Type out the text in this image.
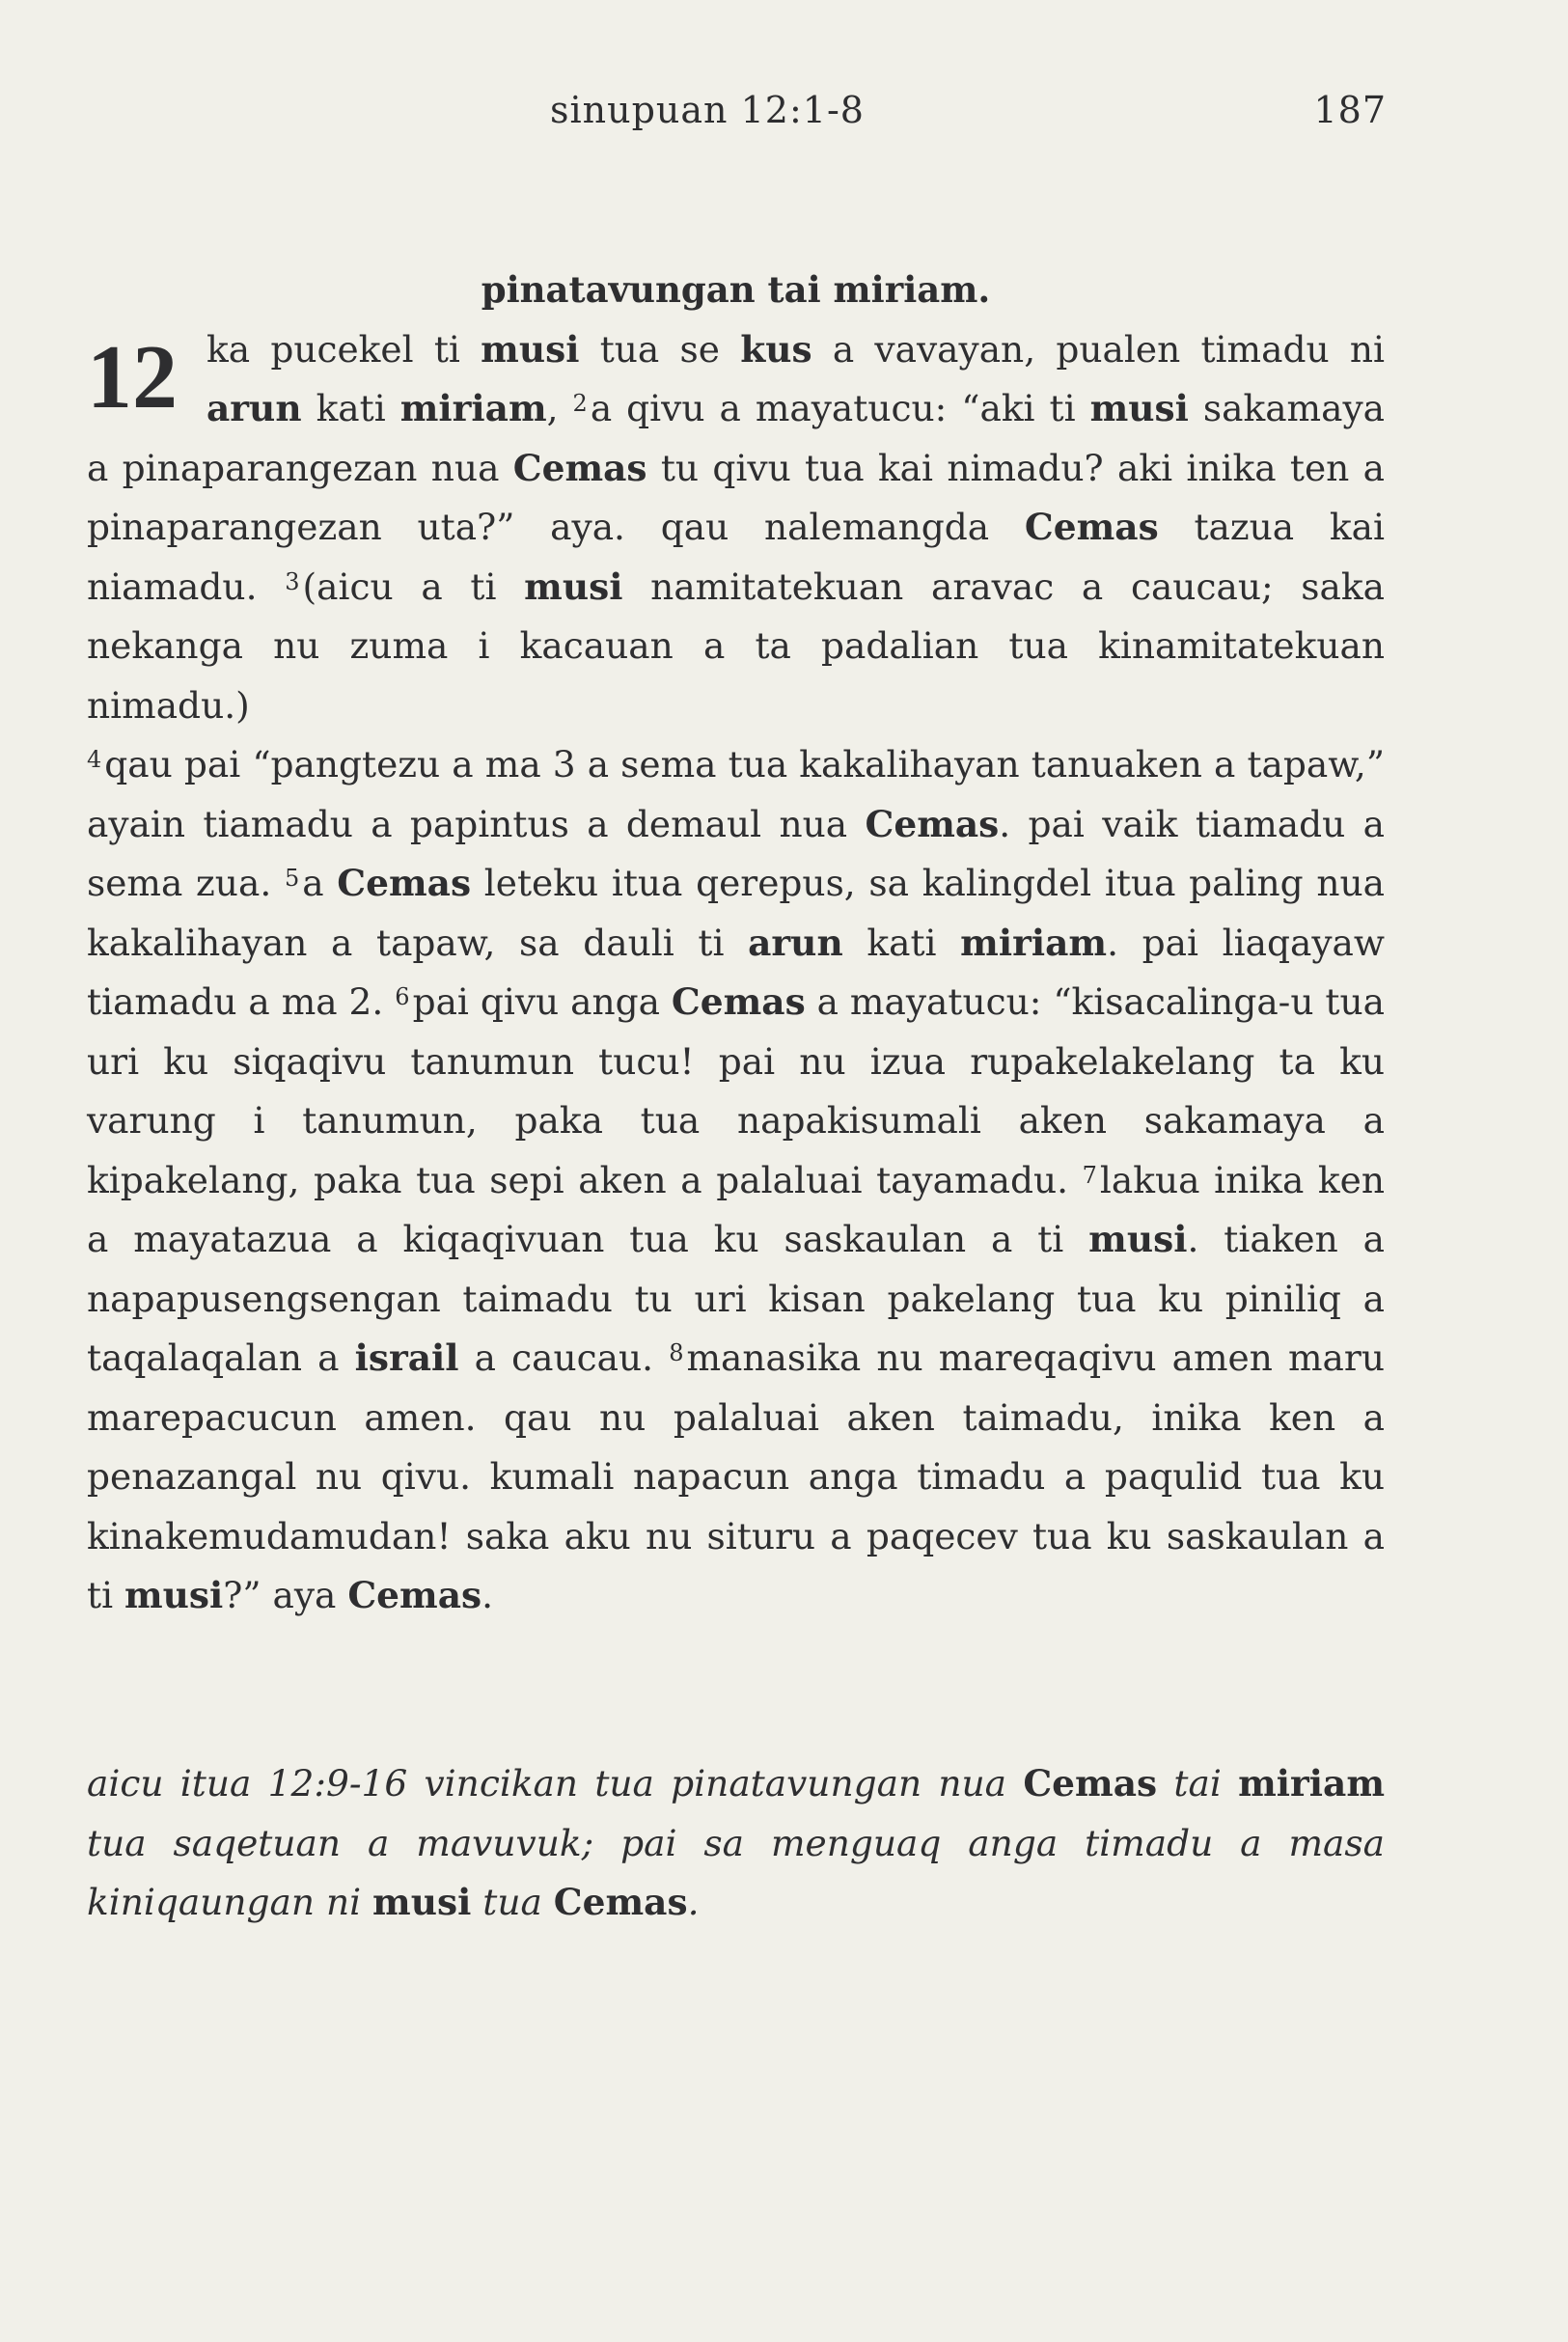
sinupuan 12:1-8	187

pinatavungan tai miriam.

12 ka pucekel ti musi tua se kus a vavayan, pualen timadu ni arun kati miriam, $^2$a qivu a mayatucu: “aki ti musi sakamaya a pinaparangezan nua Cemas tu qivu tua kai nimadu? aki inika ten a pinaparangezan uta?” aya. qau nalemangda Cemas tazua kai niamadu. $^3$(aicu a ti musi namitatekuan aravac a caucau; saka nekanga nu zuma i kacauan a ta padalian tua kinamitatekuan nimadu.)

$^4$qau pai “pangtezu a ma 3 a sema tua kakalihayan tanuaken a tapaw,” ayain tiamadu a papintus a demaul nua Cemas. pai vaik tiamadu a sema zua. $^5$a Cemas leteku itua qerepus, sa kalingdel itua paling nua kakalihayan a tapaw, sa dauli ti arun kati miriam. pai liaqayaw tiamadu a ma 2. $^6$pai qivu anga Cemas a mayatucu: “kisacalinga-u tua uri ku siqaqivu tanumun tucu! pai nu izua rupakelakelang ta ku varung i tanumun, paka tua napakisumali aken sakamaya a kipakelang, paka tua sepi aken a palaluai tayamadu. $^7$lakua inika ken a mayatazua a kiqaqivuan tua ku saskaulan a ti musi. tiaken a napapusengsengan taimadu tu uri kisan pakelang tua ku piniliq a taqalaqalan a israil a caucau. $^8$manasika nu mareqaqivu amen maru marepacucun amen. qau nu palaluai aken taimadu, inika ken a penazangal nu qivu. kumali napacun anga timadu a paqulid tua ku kinakemudamudan! saka aku nu situru a paqecev tua ku saskaulan a ti musi?” aya Cemas.

aicu itua 12:9-16 vincikan tua pinatavungan nua Cemas tai miriam tua saqetuan a mavuvuk; pai sa menguaq anga timadu a masa kiniqaungan ni musi tua Cemas.
